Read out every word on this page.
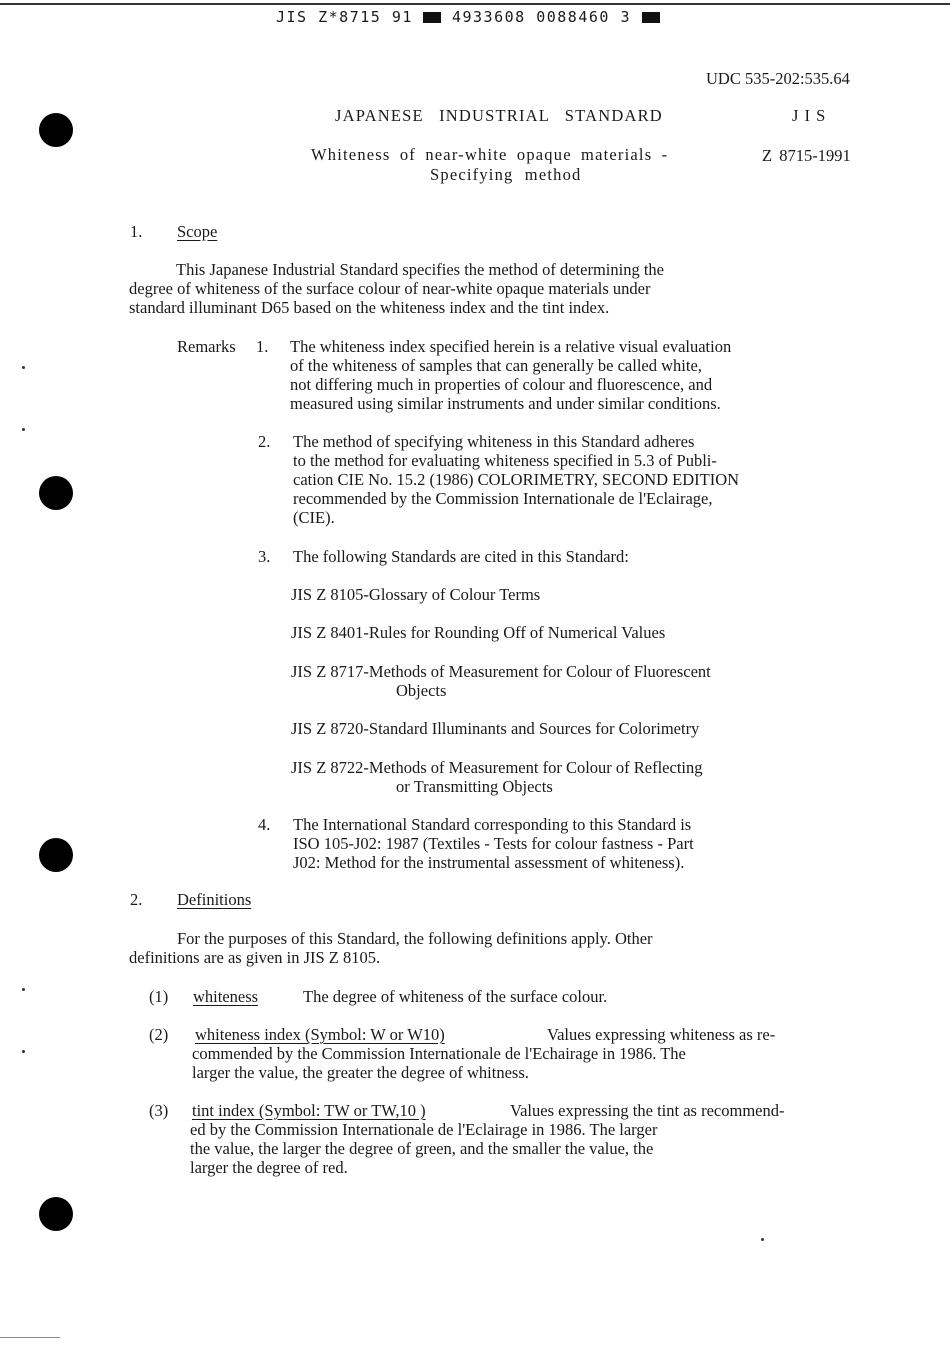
JIS Z*8715 91	4933608 0088460 3
UDC 535-202:535.64
JAPANESE INDUSTRIAL STANDARD	J I S
Whiteness of near-white opaque materials -
Specifying method
Z 8715-1991
1. Scope
This Japanese Industrial Standard specifies the method of determining the
degree of whiteness of the surface colour of near-white opaque materials under
standard illuminant D65 based on the whiteness index and the tint index.
Remarks 1. The whiteness index specified herein is a relative visual evaluation
of the whiteness of samples that can generally be called white,
not differing much in properties of colour and fluorescence, and
measured using similar instruments and under similar conditions.
2. The method of specifying whiteness in this Standard adheres
to the method for evaluating whiteness specified in 5.3 of Publi-
cation CIE No. 15.2 (1986) COLORIMETRY, SECOND EDITION
recommended by the Commission Internationale de l'Eclairage,
(CIE).
3. The following Standards are cited in this Standard:
JIS Z 8105-Glossary of Colour Terms
JIS Z 8401-Rules for Rounding Off of Numerical Values
JIS Z 8717-Methods of Measurement for Colour of Fluorescent
Objects
JIS Z 8720-Standard Illuminants and Sources for Colorimetry
JIS Z 8722-Methods of Measurement for Colour of Reflecting
or Transmitting Objects
4. The International Standard corresponding to this Standard is
ISO 105-J02: 1987 (Textiles - Tests for colour fastness - Part
J02: Method for the instrumental assessment of whiteness).
2. Definitions
For the purposes of this Standard, the following definitions apply. Other
definitions are as given in JIS Z 8105.
(1) whiteness	The degree of whiteness of the surface colour.
(2) whiteness index (Symbol: W or W10)	Values expressing whiteness as re-
commended by the Commission Internationale de l'Echairage in 1986. The
larger the value, the greater the degree of whitness.
(3) tint index (Symbol: TW or TW,10 )	Values expressing the tint as recommend-
ed by the Commission Internationale de l'Eclairage in 1986. The larger
the value, the larger the degree of green, and the smaller the value, the
larger the degree of red.
